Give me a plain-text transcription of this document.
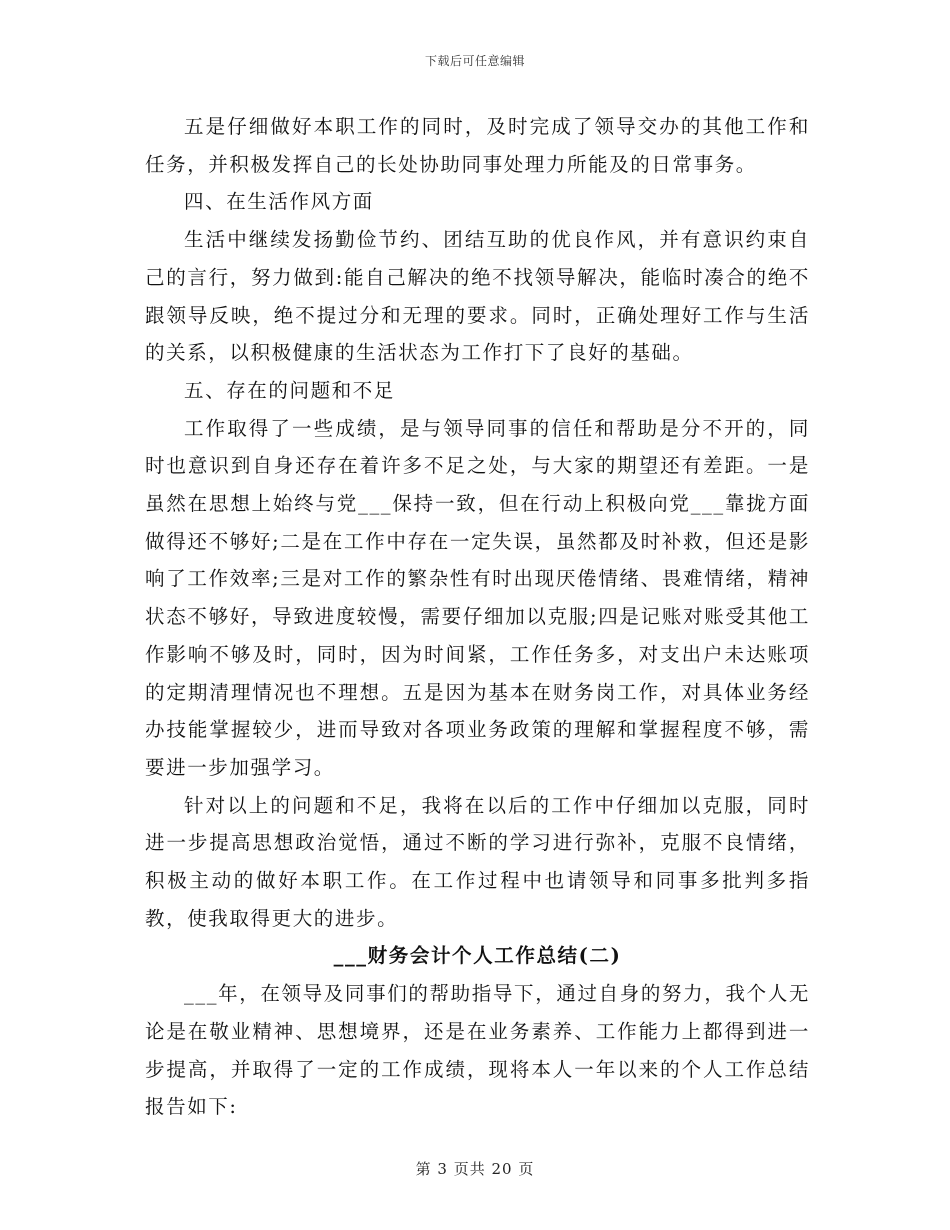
下载后可任意编辑

五是仔细做好本职工作的同时，及时完成了领导交办的其他工作和任务，并积极发挥自己的长处协助同事处理力所能及的日常事务。

四、在生活作风方面

生活中继续发扬勤俭节约、团结互助的优良作风，并有意识约束自己的言行，努力做到:能自己解决的绝不找领导解决，能临时凑合的绝不跟领导反映，绝不提过分和无理的要求。同时，正确处理好工作与生活的关系，以积极健康的生活状态为工作打下了良好的基础。

五、存在的问题和不足

工作取得了一些成绩，是与领导同事的信任和帮助是分不开的，同时也意识到自身还存在着许多不足之处，与大家的期望还有差距。一是虽然在思想上始终与党___保持一致，但在行动上积极向党___靠拢方面做得还不够好;二是在工作中存在一定失误，虽然都及时补救，但还是影响了工作效率;三是对工作的繁杂性有时出现厌倦情绪、畏难情绪，精神状态不够好，导致进度较慢，需要仔细加以克服;四是记账对账受其他工作影响不够及时，同时，因为时间紧，工作任务多，对支出户未达账项的定期清理情况也不理想。五是因为基本在财务岗工作，对具体业务经办技能掌握较少，进而导致对各项业务政策的理解和掌握程度不够，需要进一步加强学习。

针对以上的问题和不足，我将在以后的工作中仔细加以克服，同时进一步提高思想政治觉悟，通过不断的学习进行弥补，克服不良情绪，积极主动的做好本职工作。在工作过程中也请领导和同事多批判多指教，使我取得更大的进步。

___财务会计个人工作总结(二)

___年，在领导及同事们的帮助指导下，通过自身的努力，我个人无论是在敬业精神、思想境界，还是在业务素养、工作能力上都得到进一步提高，并取得了一定的工作成绩，现将本人一年以来的个人工作总结报告如下:

第 3 页共 20 页
